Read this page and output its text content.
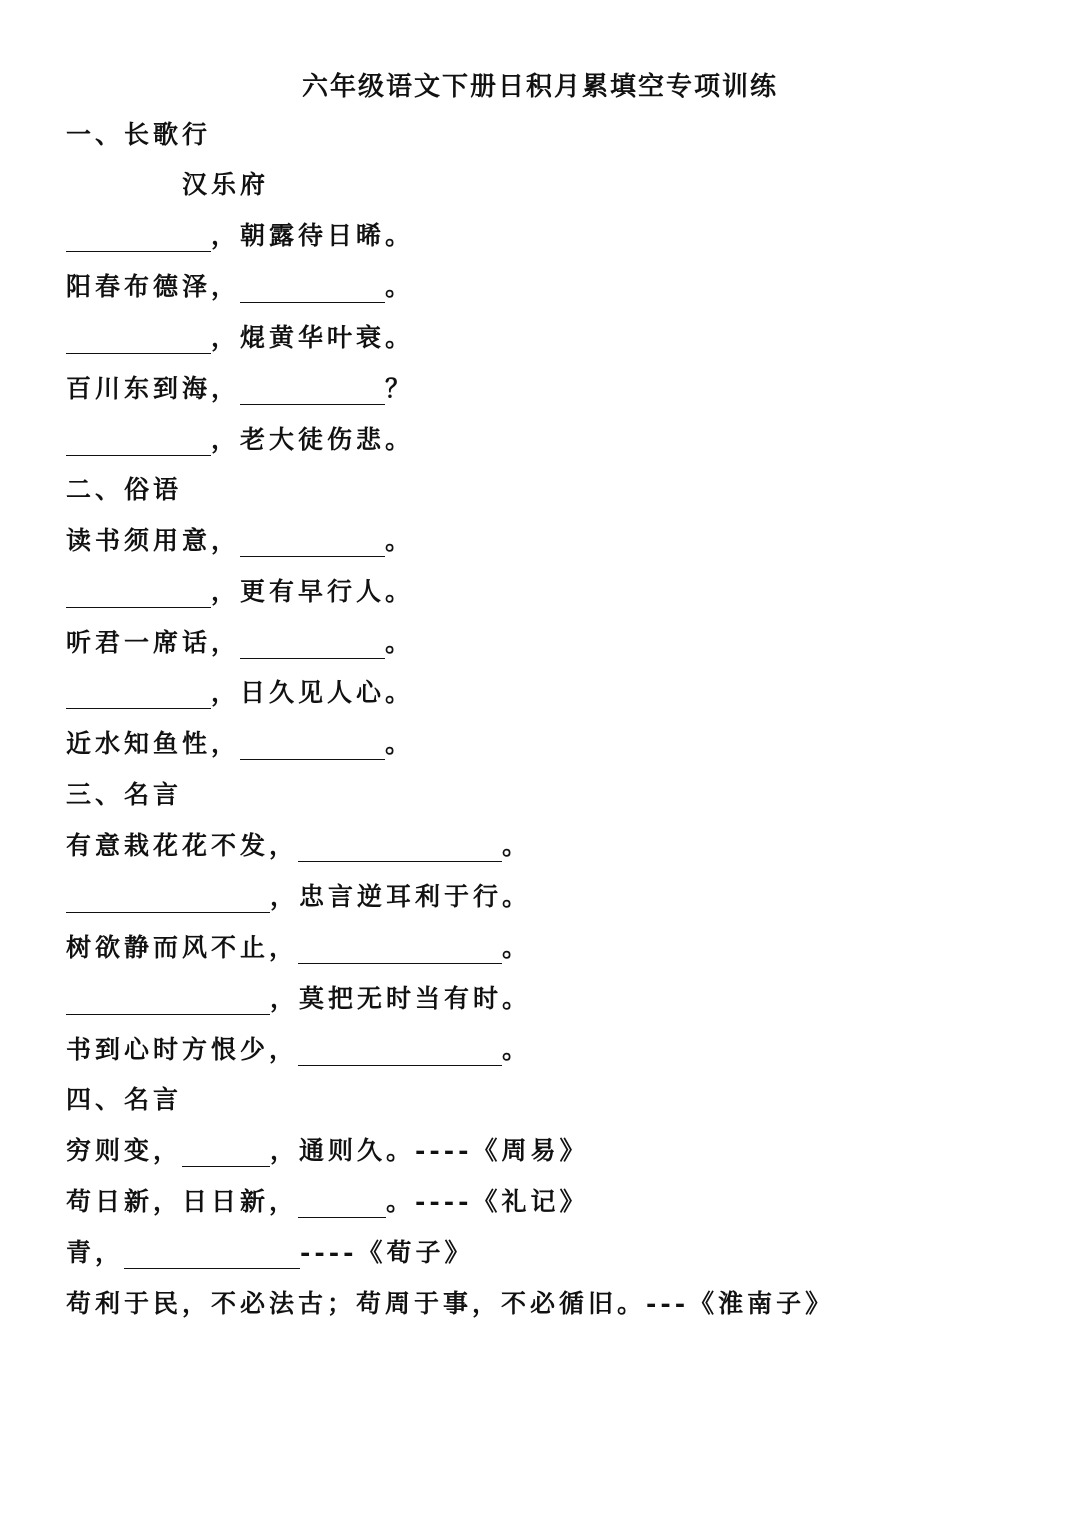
六年级语文下册日积月累填空专项训练
一、长歌行
汉乐府
，朝露待日晞。
阳春布德泽，	。
，焜黄华叶衰。
百川东到海，	？
，老大徒伤悲。
二、俗语
读书须用意，	。
，更有早行人。
听君一席话，	。
，日久见人心。
近水知鱼性，	。
三、名言
有意栽花花不发，	。
，忠言逆耳利于行。
树欲静而风不止，	。
，莫把无时当有时。
书到心时方恨少，	。
四、名言
穷则变，	，通则久。----《周易》
苟日新，日日新，	。----《礼记》
青，	----《荀子》
苟利于民，不必法古；苟周于事，不必循旧。---《淮南子》
